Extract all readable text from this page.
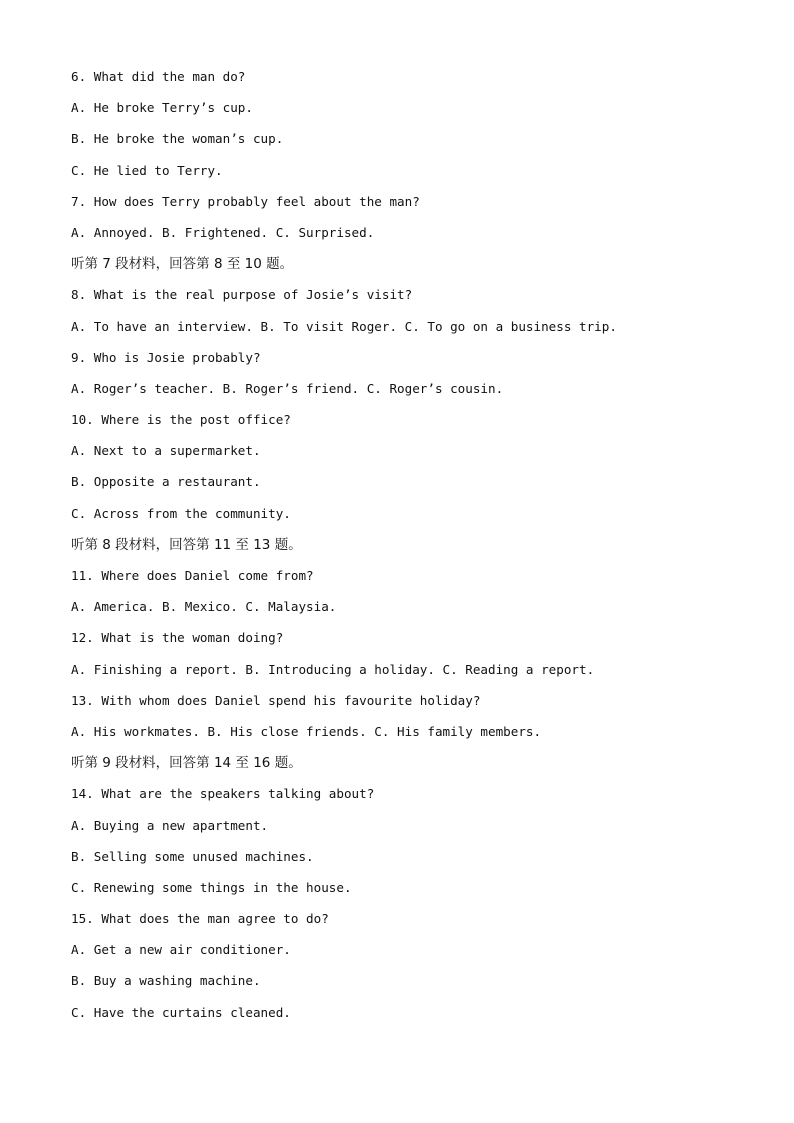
6. What did the man do?
A. He broke Terry’s cup.
B. He broke the woman’s cup.
C. He lied to Terry.
7. How does Terry probably feel about the man?
A. Annoyed. B. Frightened. C. Surprised.
听第 7 段材料，回答第 8 至 10 题。
8. What is the real purpose of Josie’s visit?
A. To have an interview. B. To visit Roger. C. To go on a business trip.
9. Who is Josie probably?
A. Roger’s teacher. B. Roger’s friend. C. Roger’s cousin.
10. Where is the post office?
A. Next to a supermarket.
B. Opposite a restaurant.
C. Across from the community.
听第 8 段材料，回答第 11 至 13 题。
11. Where does Daniel come from?
A. America. B. Mexico. C. Malaysia.
12. What is the woman doing?
A. Finishing a report. B. Introducing a holiday. C. Reading a report.
13. With whom does Daniel spend his favourite holiday?
A. His workmates. B. His close friends. C. His family members.
听第 9 段材料，回答第 14 至 16 题。
14. What are the speakers talking about?
A. Buying a new apartment.
B. Selling some unused machines.
C. Renewing some things in the house.
15. What does the man agree to do?
A. Get a new air conditioner.
B. Buy a washing machine.
C. Have the curtains cleaned.
